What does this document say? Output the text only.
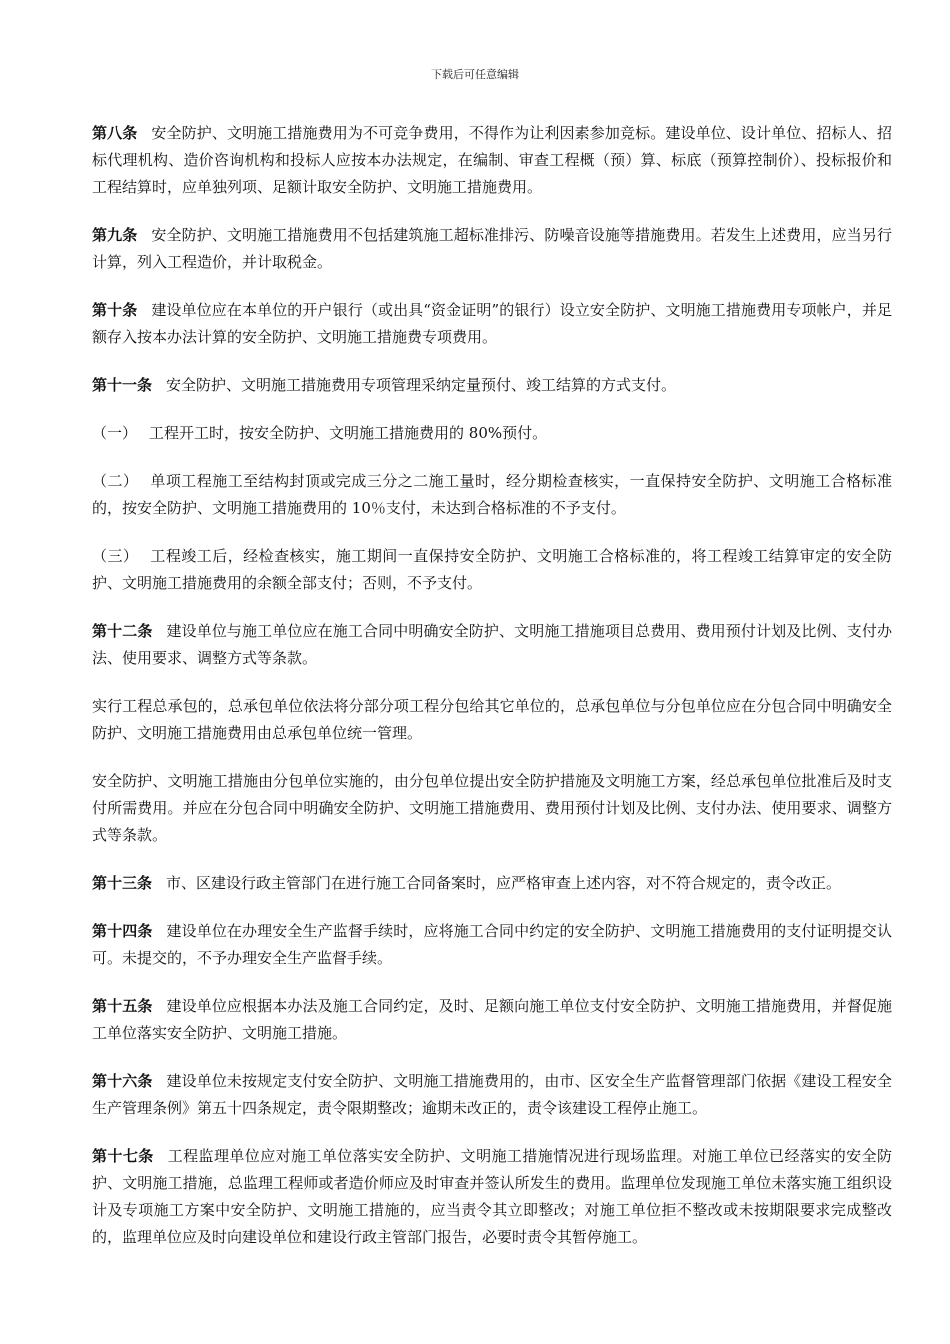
下载后可任意编辑

第八条 安全防护、文明施工措施费用为不可竞争费用，不得作为让利因素参加竞标。建设单位、设计单位、招标人、招标代理机构、造价咨询机构和投标人应按本办法规定，在编制、审查工程概（预）算、标底（预算控制价）、投标报价和工程结算时，应单独列项、足额计取安全防护、文明施工措施费用。

第九条 安全防护、文明施工措施费用不包括建筑施工超标准排污、防噪音设施等措施费用。若发生上述费用，应当另行计算，列入工程造价，并计取税金。

第十条 建设单位应在本单位的开户银行（或出具“资金证明”的银行）设立安全防护、文明施工措施费用专项帐户，并足额存入按本办法计算的安全防护、文明施工措施费专项费用。

第十一条 安全防护、文明施工措施费用专项管理采纳定量预付、竣工结算的方式支付。

（一） 工程开工时，按安全防护、文明施工措施费用的 80%预付。

（二） 单项工程施工至结构封顶或完成三分之二施工量时，经分期检查核实，一直保持安全防护、文明施工合格标准的，按安全防护、文明施工措施费用的 10％支付，未达到合格标准的不予支付。

（三） 工程竣工后，经检查核实，施工期间一直保持安全防护、文明施工合格标准的，将工程竣工结算审定的安全防护、文明施工措施费用的余额全部支付；否则，不予支付。

第十二条 建设单位与施工单位应在施工合同中明确安全防护、文明施工措施项目总费用、费用预付计划及比例、支付办法、使用要求、调整方式等条款。

实行工程总承包的，总承包单位依法将分部分项工程分包给其它单位的，总承包单位与分包单位应在分包合同中明确安全防护、文明施工措施费用由总承包单位统一管理。

安全防护、文明施工措施由分包单位实施的，由分包单位提出安全防护措施及文明施工方案，经总承包单位批准后及时支付所需费用。并应在分包合同中明确安全防护、文明施工措施费用、费用预付计划及比例、支付办法、使用要求、调整方式等条款。

第十三条 市、区建设行政主管部门在进行施工合同备案时，应严格审查上述内容，对不符合规定的，责令改正。

第十四条 建设单位在办理安全生产监督手续时，应将施工合同中约定的安全防护、文明施工措施费用的支付证明提交认可。未提交的，不予办理安全生产监督手续。

第十五条 建设单位应根据本办法及施工合同约定，及时、足额向施工单位支付安全防护、文明施工措施费用，并督促施工单位落实安全防护、文明施工措施。

第十六条 建设单位未按规定支付安全防护、文明施工措施费用的，由市、区安全生产监督管理部门依据《建设工程安全生产管理条例》第五十四条规定，责令限期整改；逾期未改正的，责令该建设工程停止施工。

第十七条 工程监理单位应对施工单位落实安全防护、文明施工措施情况进行现场监理。对施工单位已经落实的安全防护、文明施工措施，总监理工程师或者造价师应及时审查并签认所发生的费用。监理单位发现施工单位未落实施工组织设计及专项施工方案中安全防护、文明施工措施的，应当责令其立即整改；对施工单位拒不整改或未按期限要求完成整改的，监理单位应及时向建设单位和建设行政主管部门报告，必要时责令其暂停施工。
